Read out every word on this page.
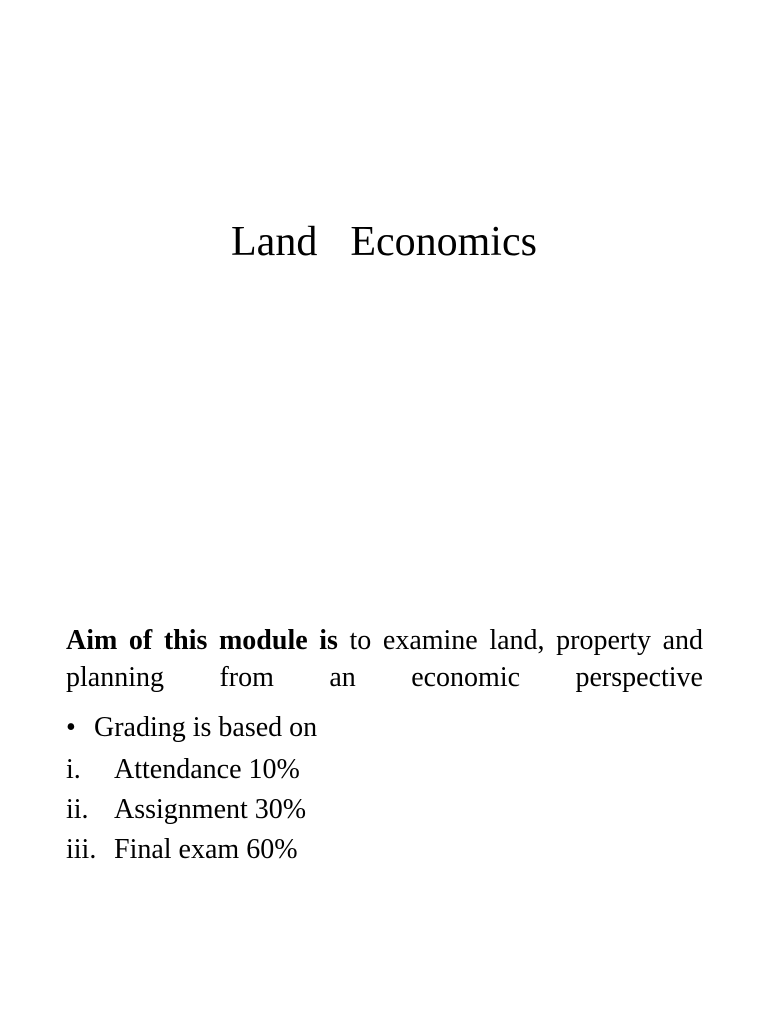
Land  Economics

Aim of this module is to examine land, property and planning from an economic perspective

• Grading is based on

i. Attendance 10%
ii. Assignment 30%
iii. Final exam 60%
